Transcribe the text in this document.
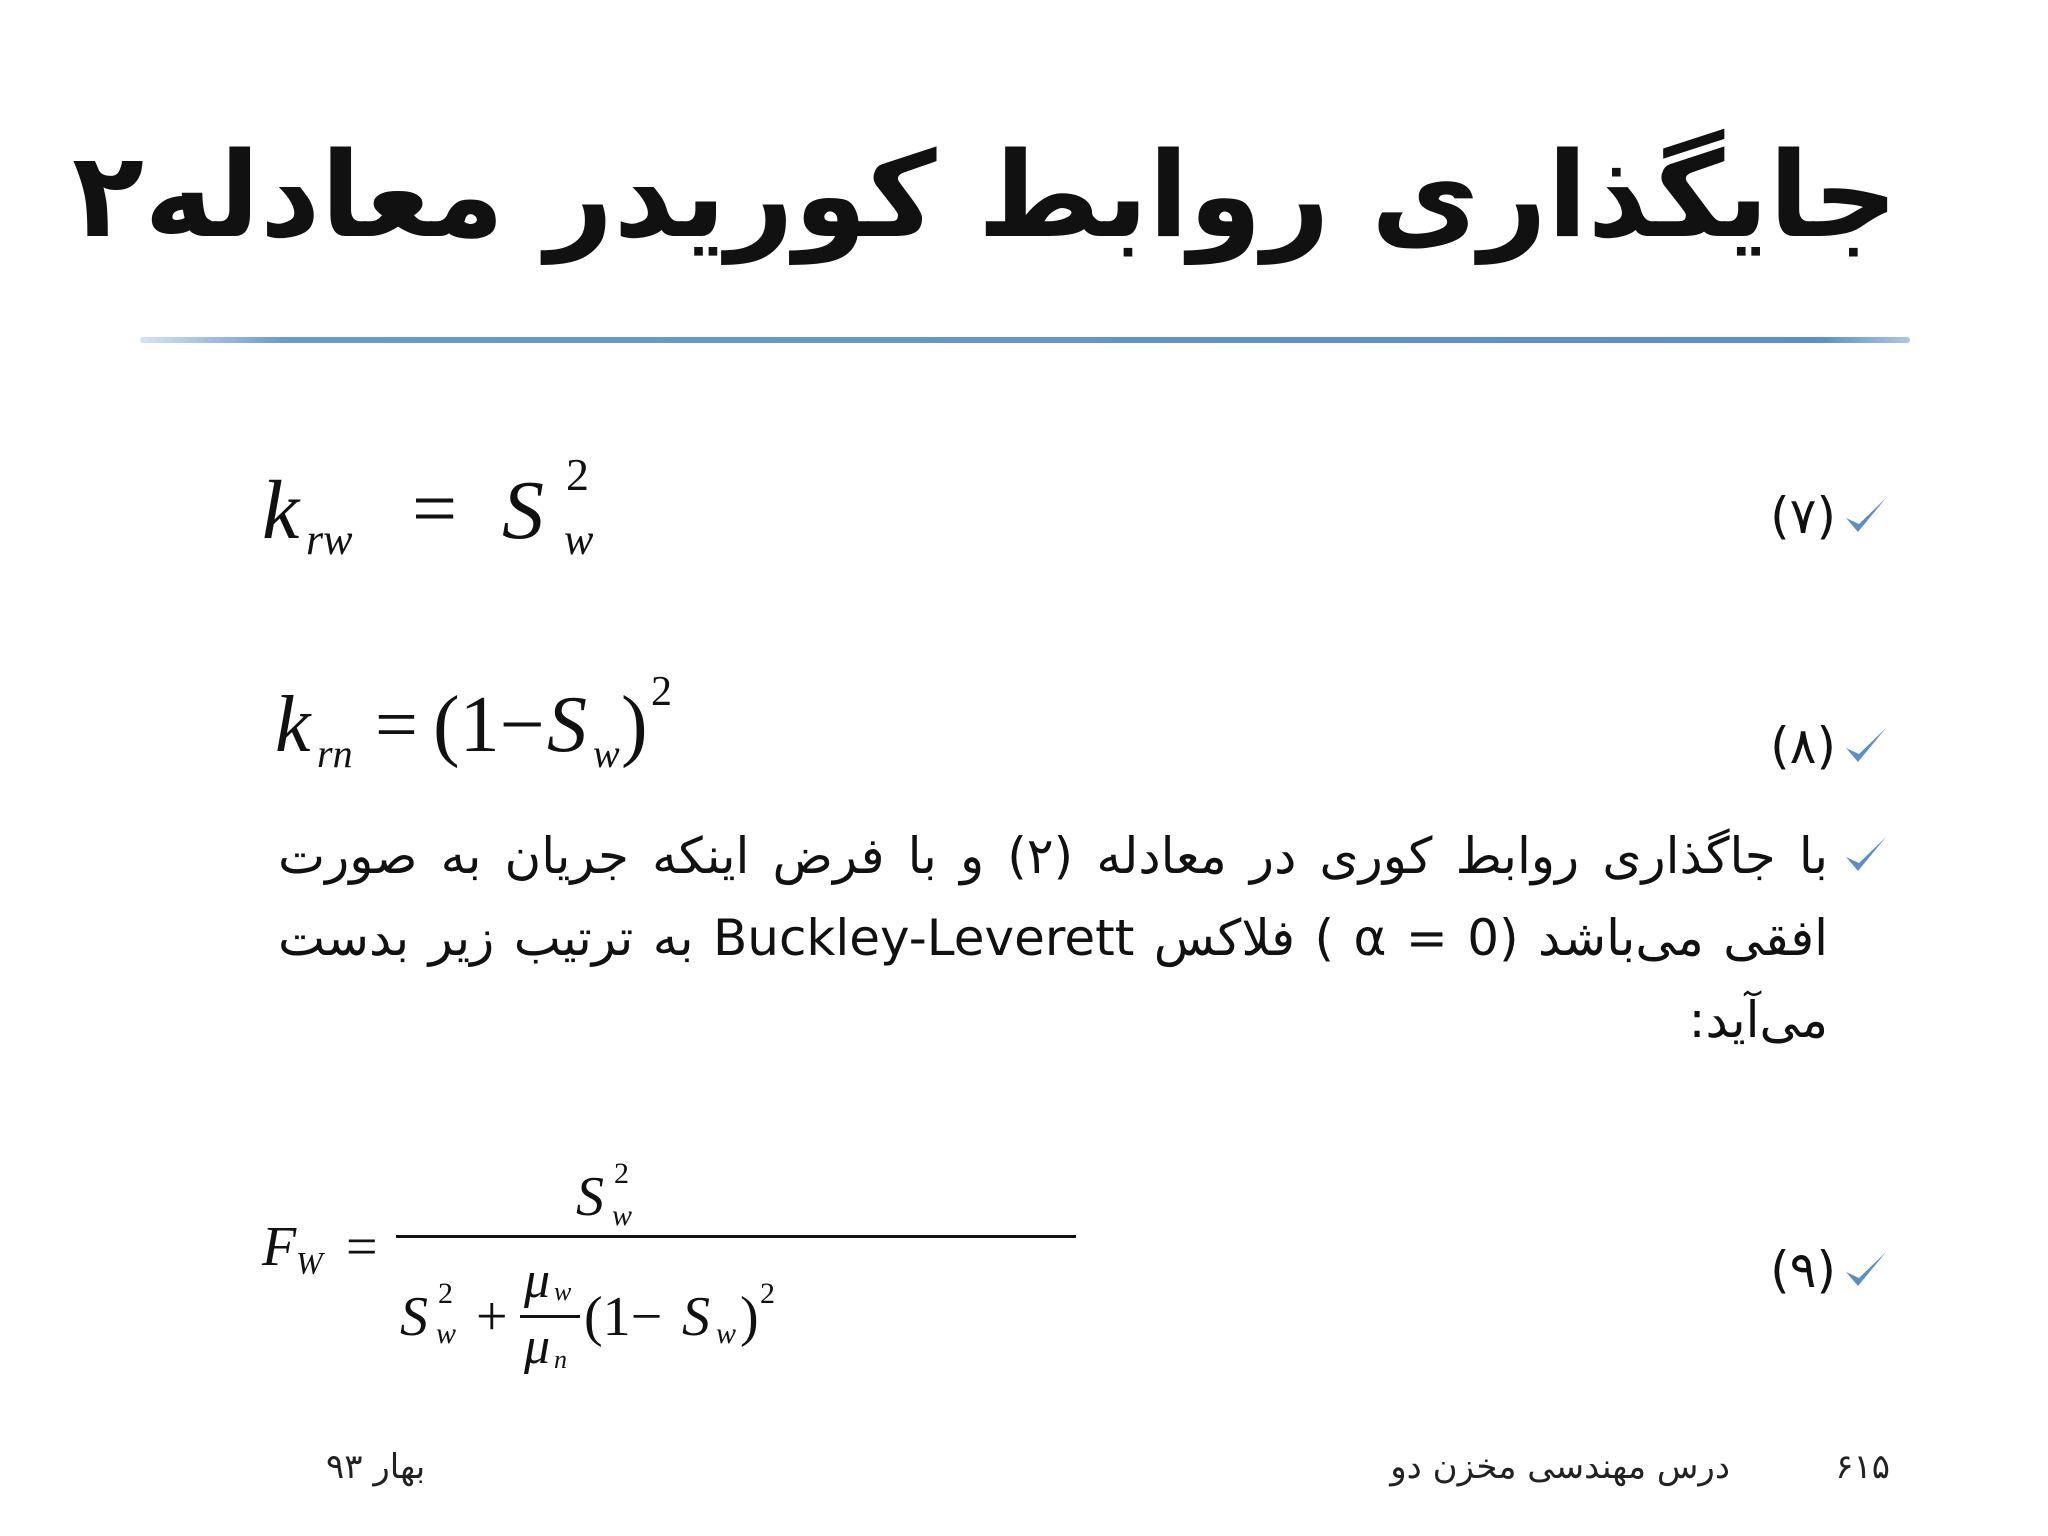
جایگذاری روابط کوریدر معادله۲
k rw = S 2
w	(۷)
k rn = (1− S w ) 2
(۸)
با جاگذاری روابط کوری در معادله (۲) و با فرض اینکه جریان به صورت افقی می‌باشد (α = 0 ) فلاکس Buckley-Leverett به ترتیب زیر بدست می‌آید:
F W =
S 2
w
S 2
w +
μ w
μ n
(1− S w ) 2	(۹)
۶۱۵
درس مهندسی مخزن دو
بهار ۹۳
